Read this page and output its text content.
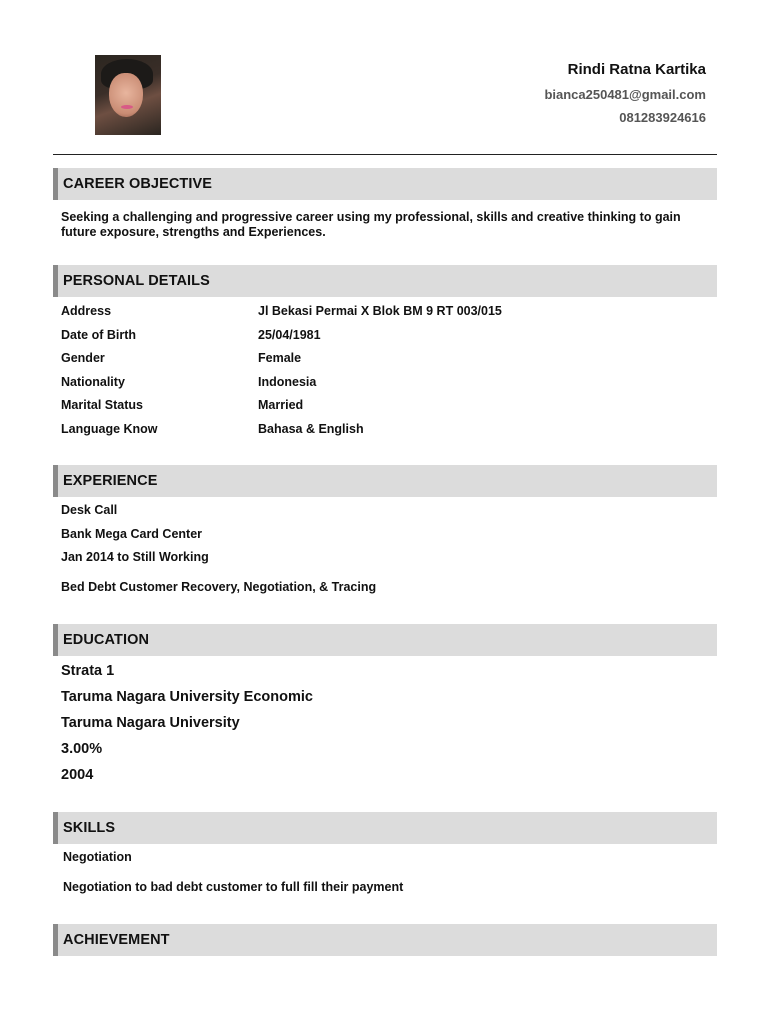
Rindi Ratna Kartika
bianca250481@gmail.com
081283924616
CAREER OBJECTIVE
Seeking a challenging and progressive career using my professional, skills and creative thinking to gain future exposure, strengths and Experiences.
PERSONAL DETAILS
Address	Jl Bekasi Permai X Blok BM 9 RT 003/015
Date of Birth	25/04/1981
Gender	Female
Nationality	Indonesia
Marital Status	Married
Language Know	Bahasa & English
EXPERIENCE
Desk Call
Bank Mega Card Center
Jan 2014 to Still Working
Bed Debt Customer Recovery, Negotiation, & Tracing
EDUCATION
Strata 1
Taruma Nagara University Economic
Taruma Nagara University
3.00%
2004
SKILLS
Negotiation
Negotiation to bad debt customer to full fill their payment
ACHIEVEMENT
